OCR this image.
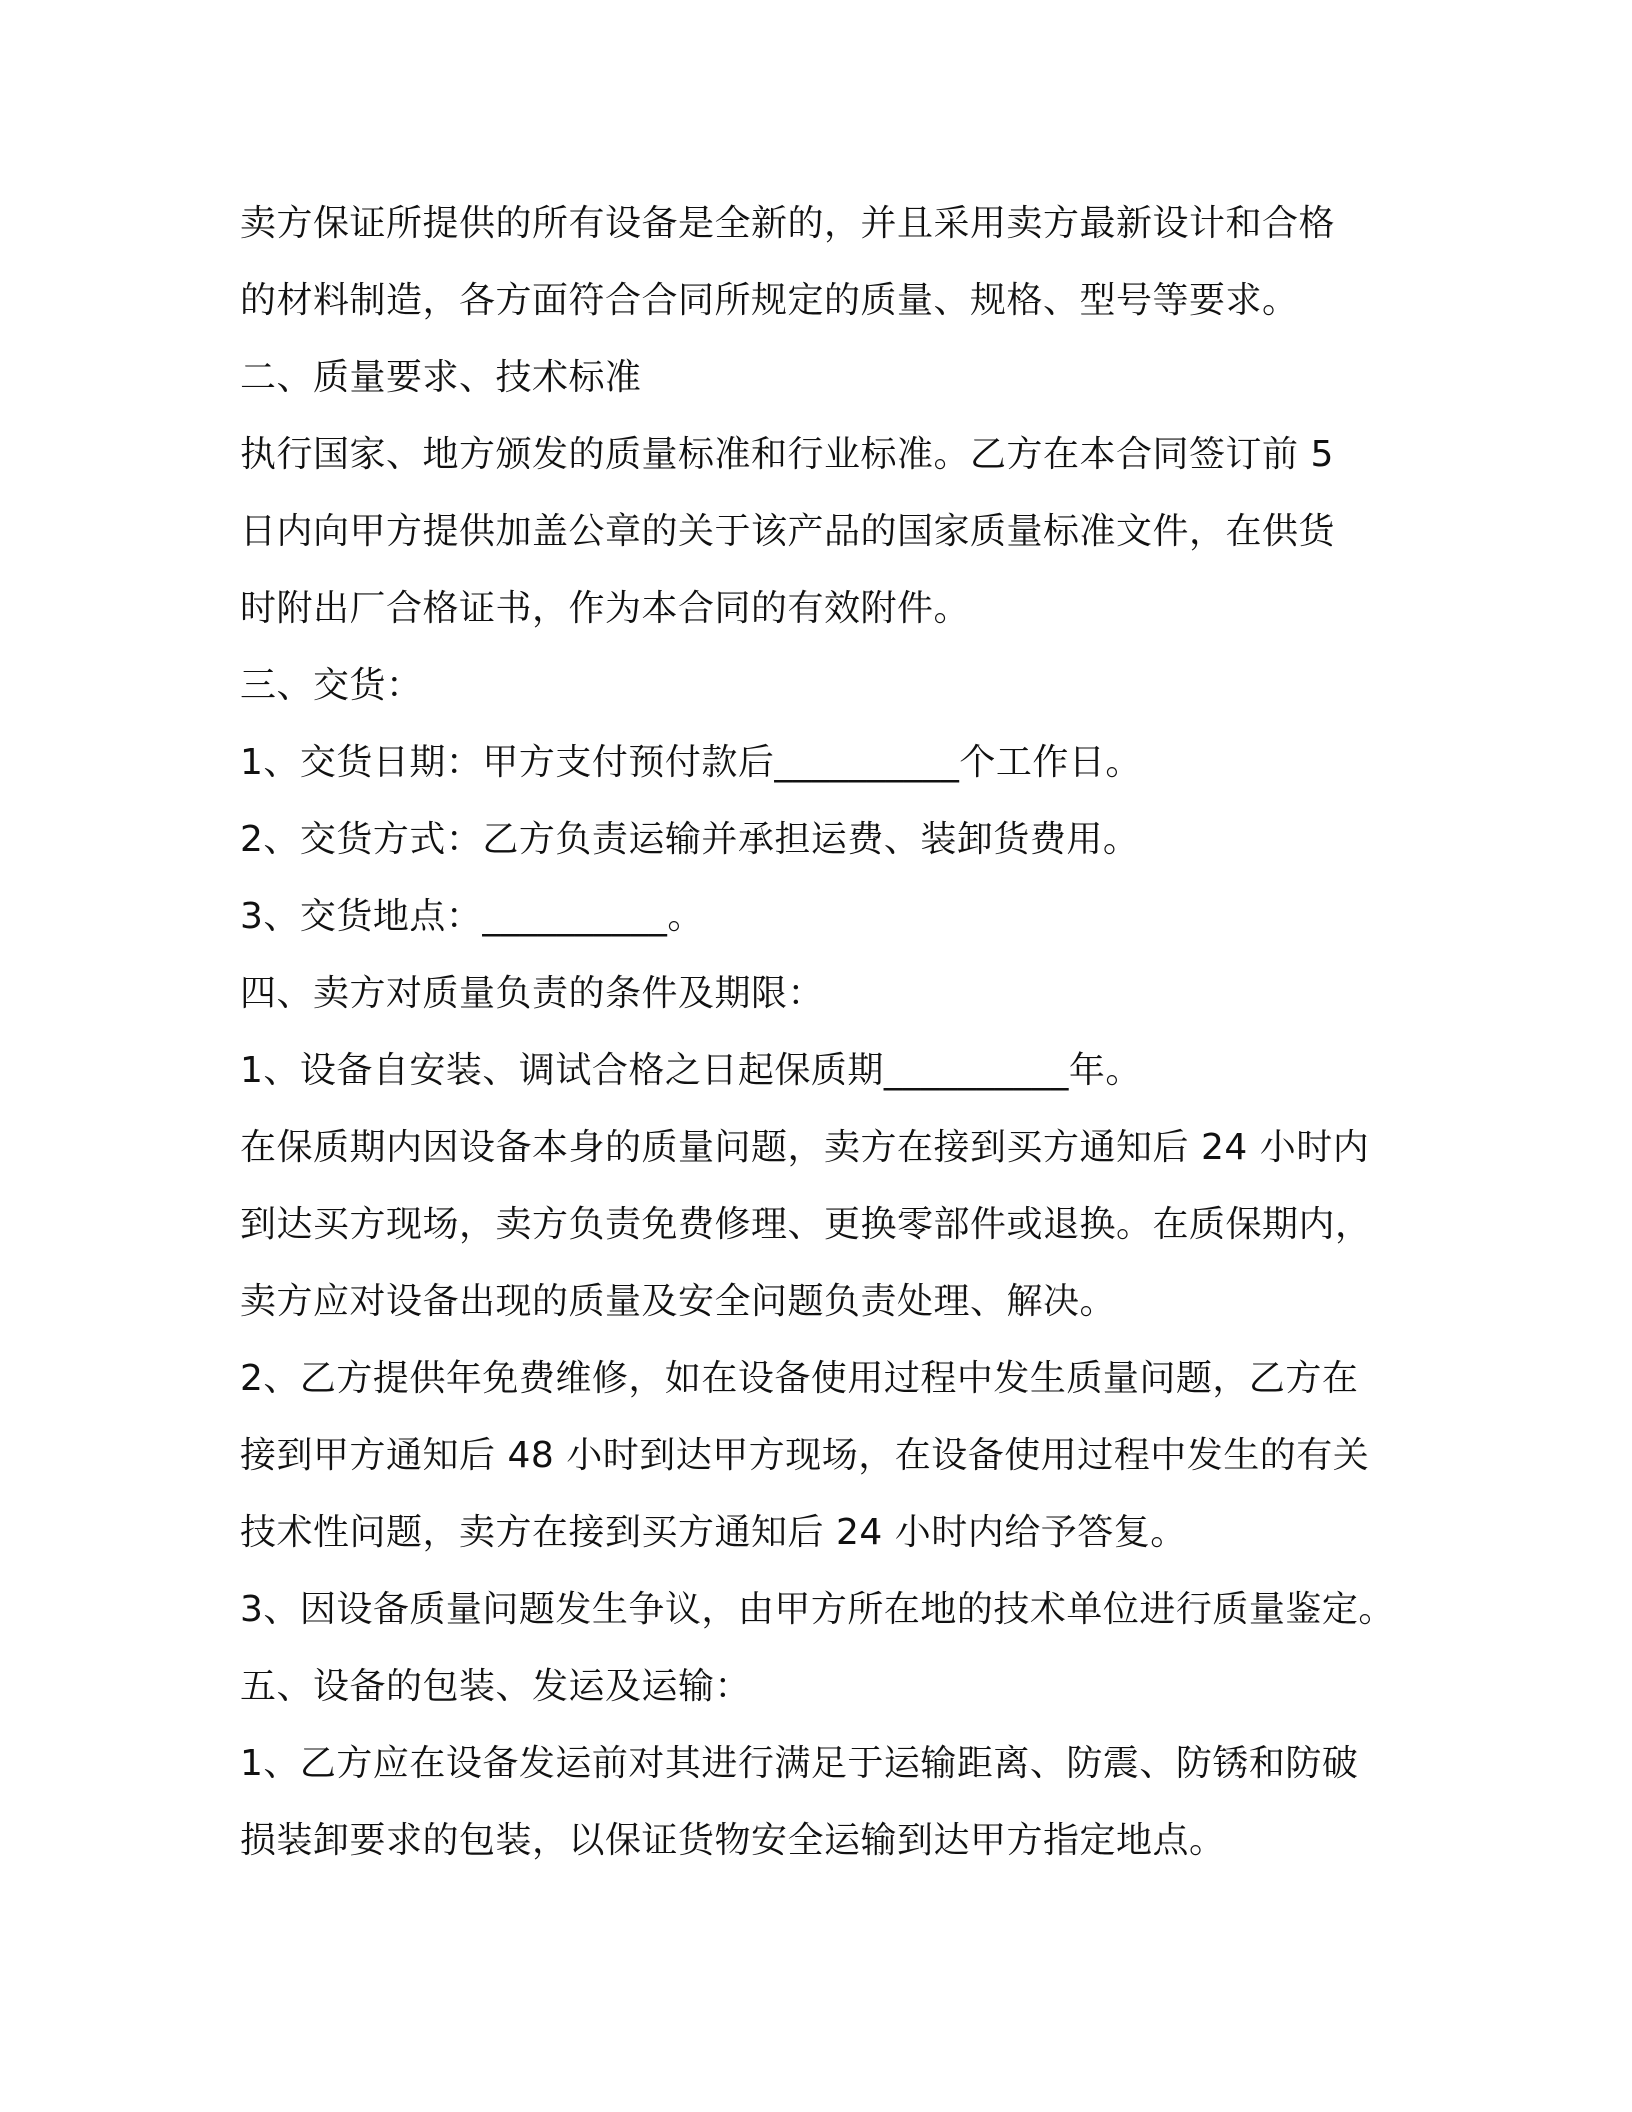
卖方保证所提供的所有设备是全新的，并且采用卖方最新设计和合格

的材料制造，各方面符合合同所规定的质量、规格、型号等要求。

二、质量要求、技术标准

执行国家、地方颁发的质量标准和行业标准。乙方在本合同签订前 5

日内向甲方提供加盖公章的关于该产品的国家质量标准文件，在供货

时附出厂合格证书，作为本合同的有效附件。

三、交货：

1、交货日期：甲方支付预付款后__________个工作日。

2、交货方式：乙方负责运输并承担运费、装卸货费用。

3、交货地点：__________。

四、卖方对质量负责的条件及期限：

1、设备自安装、调试合格之日起保质期__________年。

在保质期内因设备本身的质量问题，卖方在接到买方通知后 24 小时内

到达买方现场，卖方负责免费修理、更换零部件或退换。在质保期内，

卖方应对设备出现的质量及安全问题负责处理、解决。

2、乙方提供年免费维修，如在设备使用过程中发生质量问题，乙方在

接到甲方通知后 48 小时到达甲方现场，在设备使用过程中发生的有关

技术性问题，卖方在接到买方通知后 24 小时内给予答复。

3、因设备质量问题发生争议，由甲方所在地的技术单位进行质量鉴定。

五、设备的包装、发运及运输：

1、乙方应在设备发运前对其进行满足于运输距离、防震、防锈和防破

损装卸要求的包装，以保证货物安全运输到达甲方指定地点。
